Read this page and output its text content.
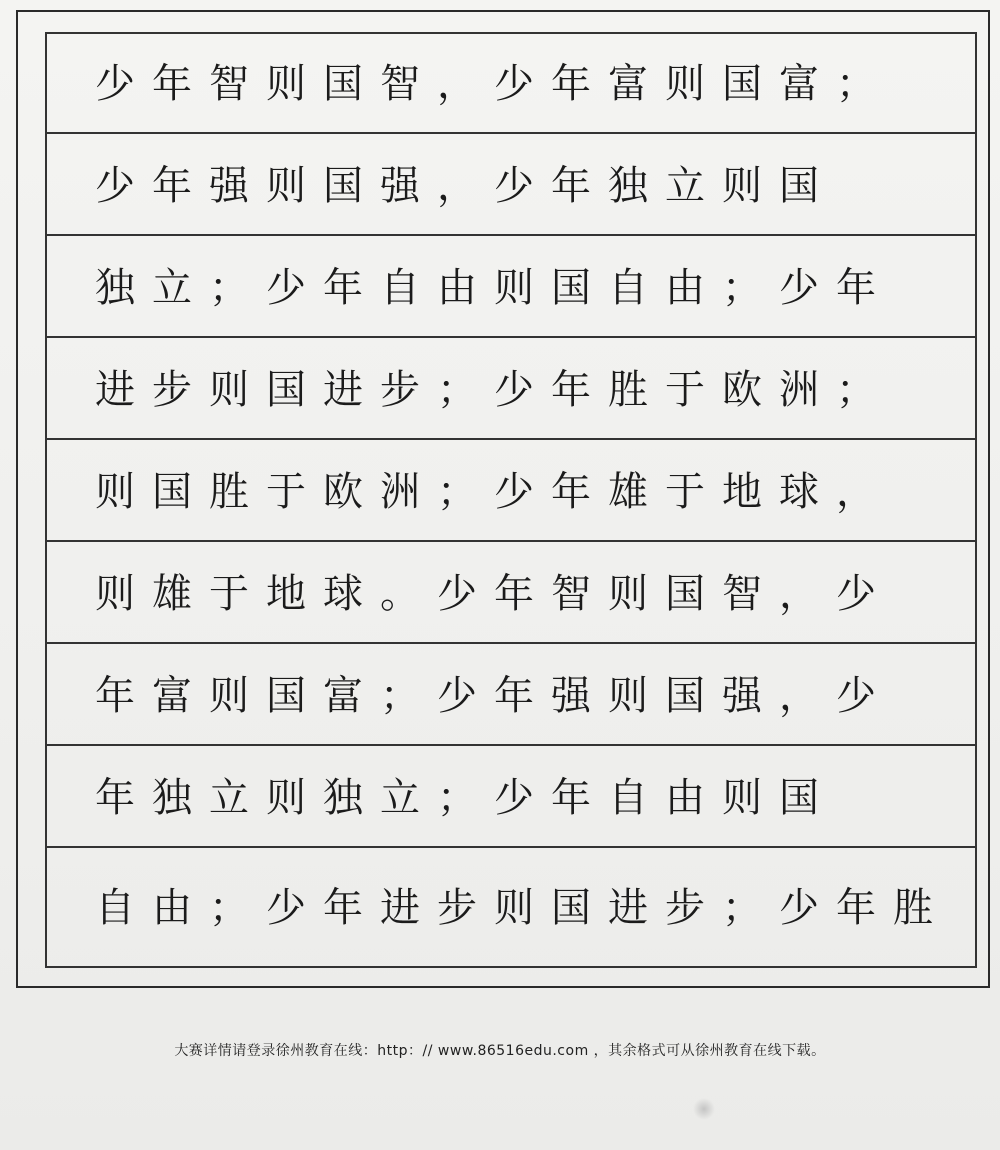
少年智则国智，少年富则国富；
少年强则国强，少年独立则国
独立；少年自由则国自由；少年
进步则国进步；少年胜于欧洲；
则国胜于欧洲；少年雄于地球，
则雄于地球。少年智则国智，少
年富则国富；少年强则国强，少
年独立则独立；少年自由则国
自由；少年进步则国进步；少年胜
大赛详情请登录徐州教育在线：http：// www.86516edu.com ，其余格式可从徐州教育在线下载。
